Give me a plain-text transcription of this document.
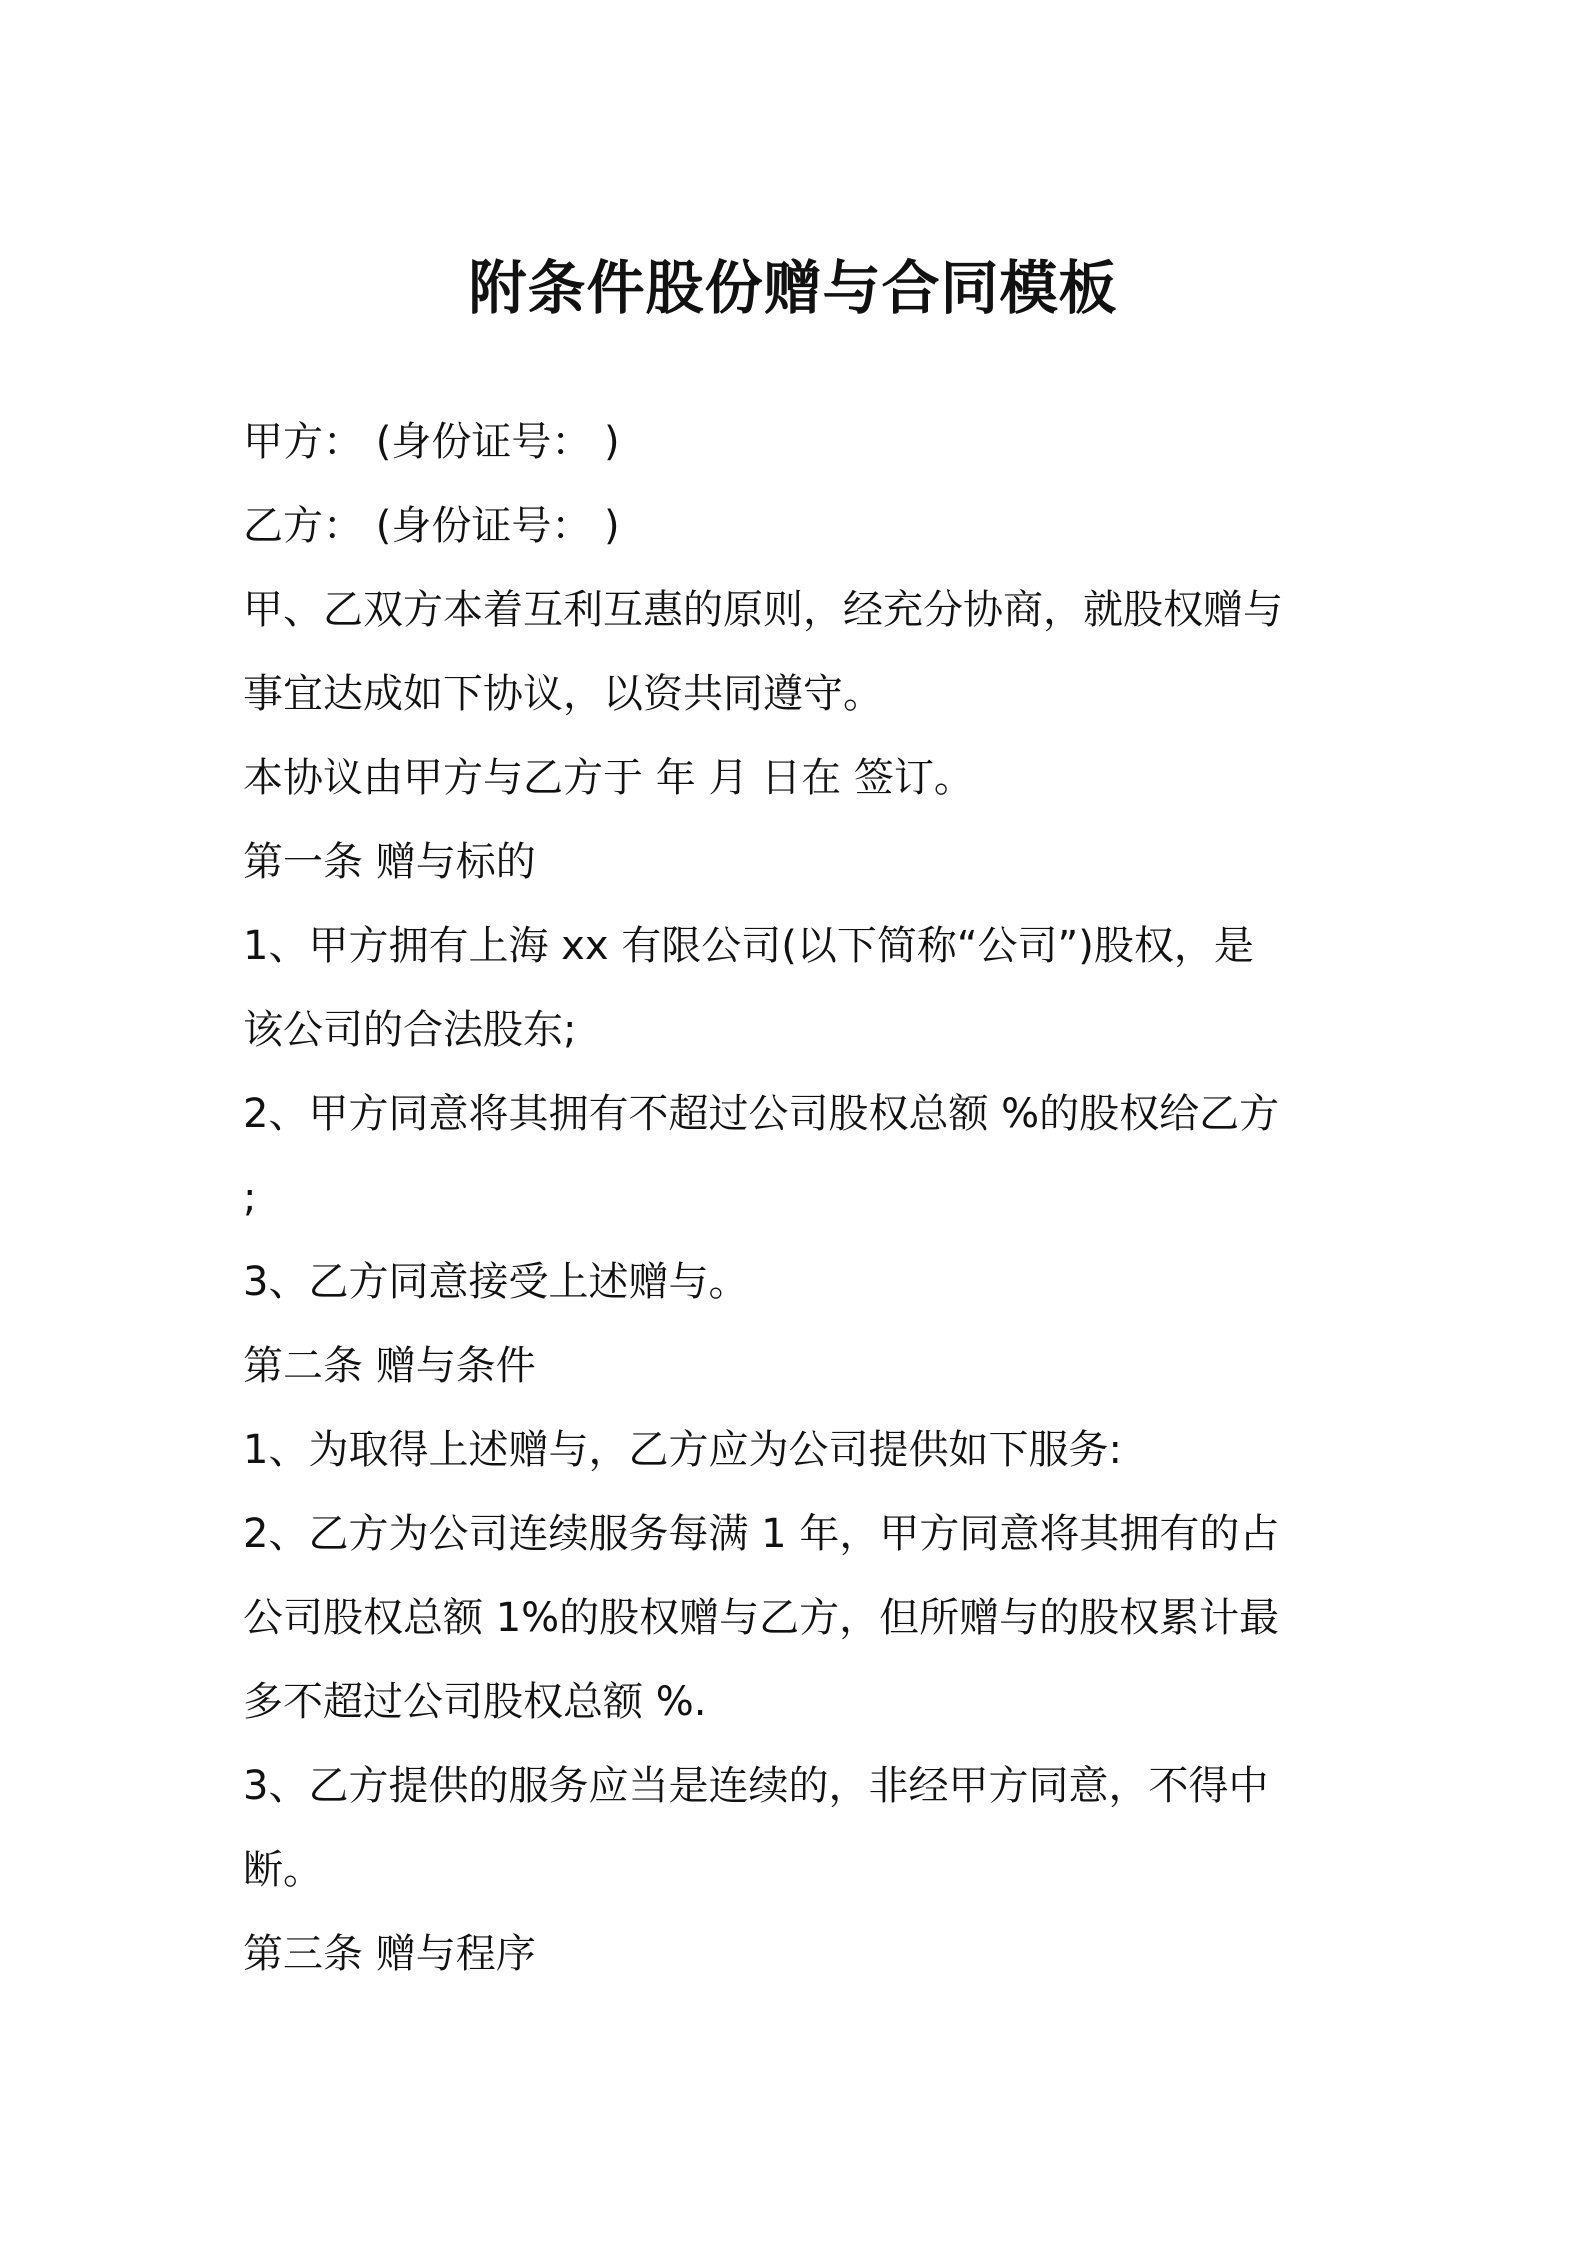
附条件股份赠与合同模板
甲方： (身份证号： )
乙方： (身份证号： )
甲、乙双方本着互利互惠的原则，经充分协商，就股权赠与
事宜达成如下协议，以资共同遵守。
本协议由甲方与乙方于 年 月 日在 签订。
第一条 赠与标的
1、甲方拥有上海 xx 有限公司(以下简称“公司”)股权，是
该公司的合法股东;
2、甲方同意将其拥有不超过公司股权总额 %的股权给乙方
;
3、乙方同意接受上述赠与。
第二条 赠与条件
1、为取得上述赠与，乙方应为公司提供如下服务:
2、乙方为公司连续服务每满 1 年，甲方同意将其拥有的占
公司股权总额 1%的股权赠与乙方，但所赠与的股权累计最
多不超过公司股权总额 %.
3、乙方提供的服务应当是连续的，非经甲方同意，不得中
断。
第三条 赠与程序
